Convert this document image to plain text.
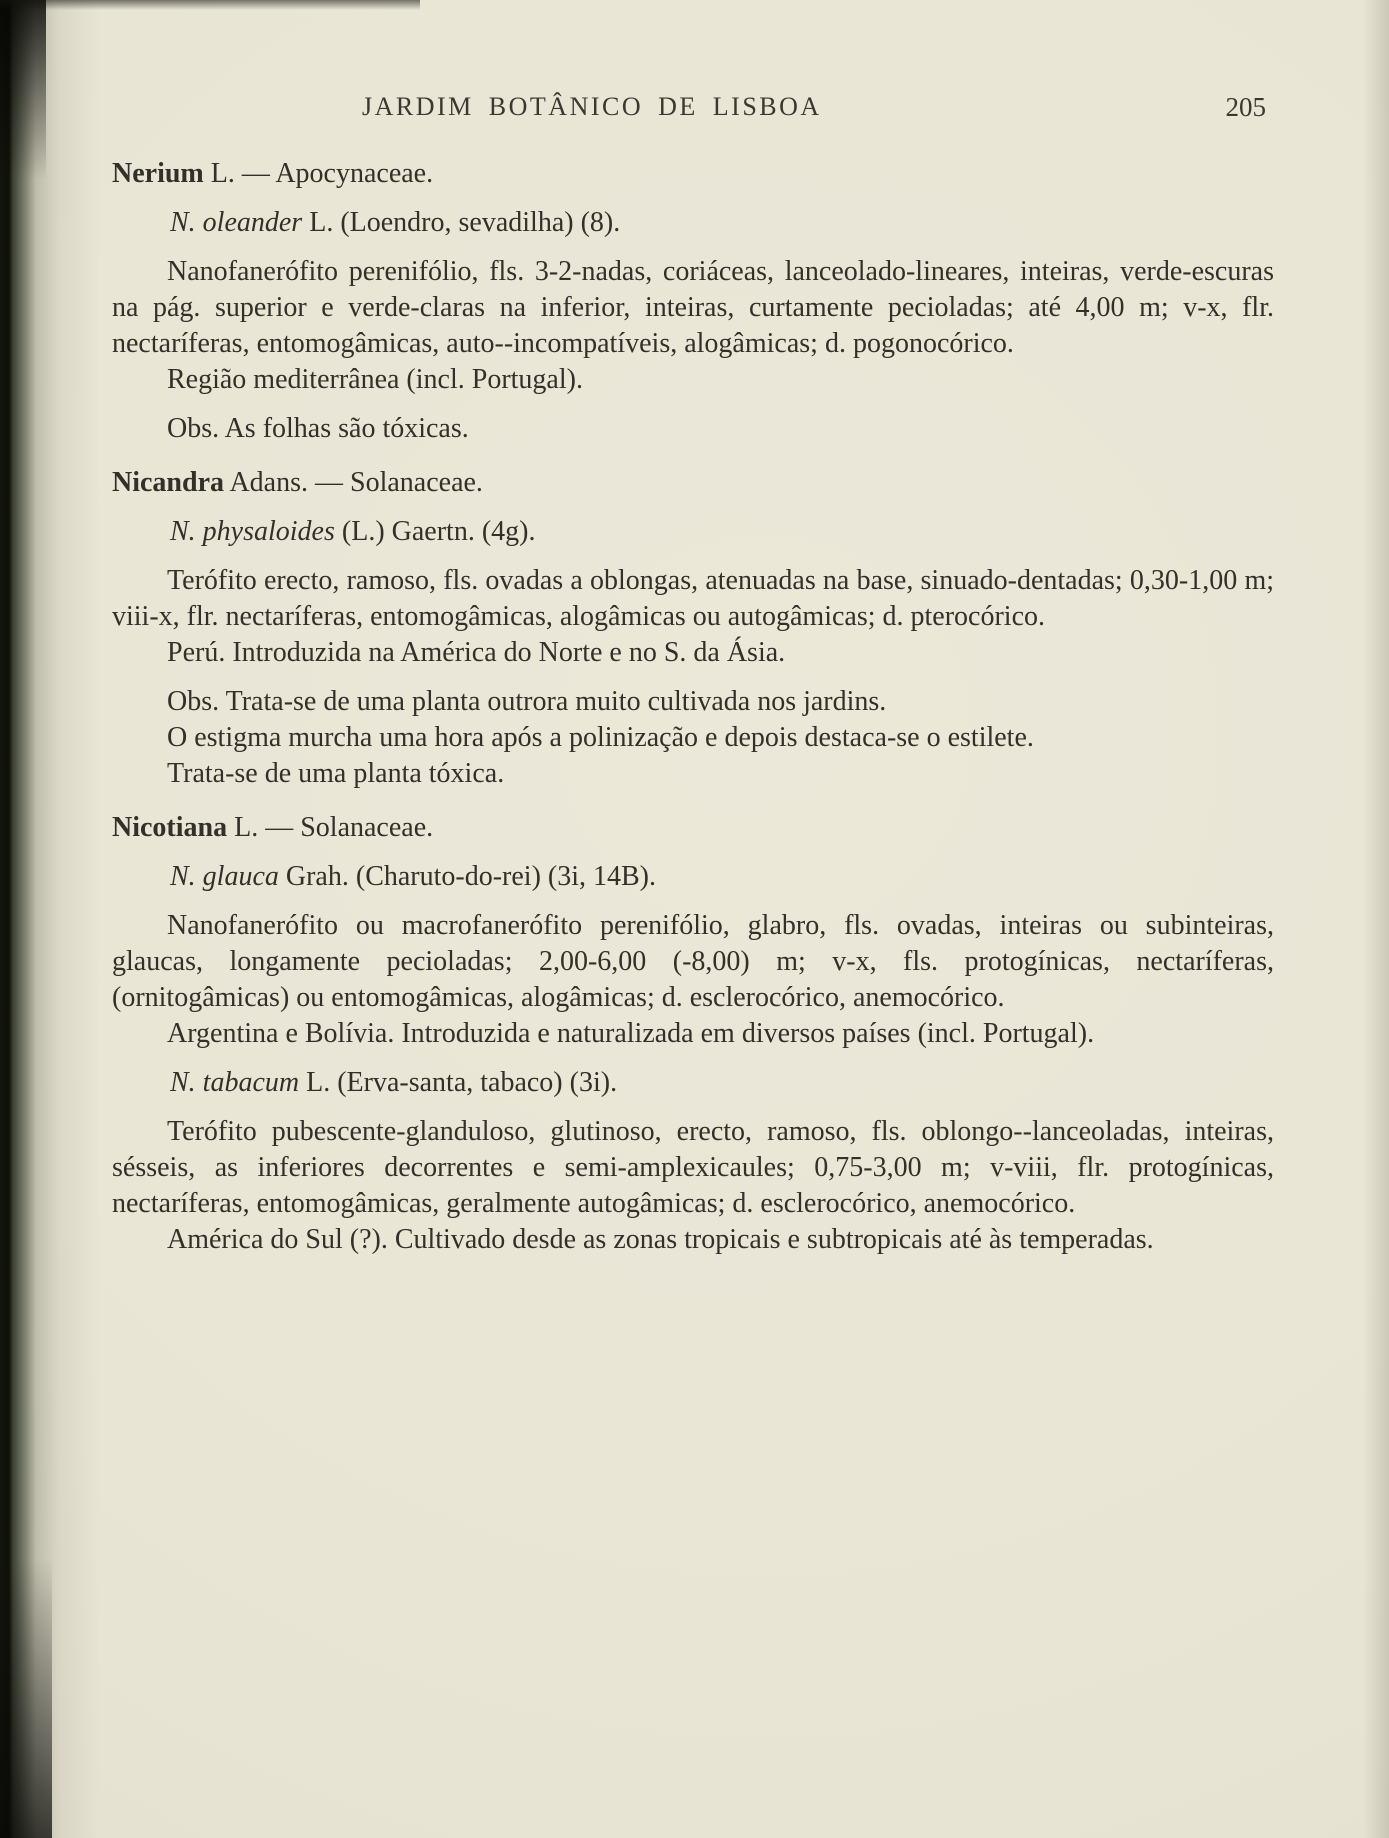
JARDIM BOTÂNICO DE LISBOA	205

Nerium L. — Apocynaceae.

N. oleander L. (Loendro, sevadilha) (8).

Nanofanerófito perenifólio, fls. 3-2-nadas, coriáceas, lanceolado-lineares, inteiras, verde-escuras na pág. superior e verde-claras na inferior, inteiras, curtamente pecioladas; até 4,00 m; v-x, flr. nectaríferas, entomogâmicas, auto--incompatíveis, alogâmicas; d. pogonocórico.

Região mediterrânea (incl. Portugal).

Obs. As folhas são tóxicas.

Nicandra Adans. — Solanaceae.

N. physaloides (L.) Gaertn. (4g).

Terófito erecto, ramoso, fls. ovadas a oblongas, atenuadas na base, sinuado-dentadas; 0,30-1,00 m; viii-x, flr. nectaríferas, entomogâmicas, alogâmicas ou autogâmicas; d. pterocórico.

Perú. Introduzida na América do Norte e no S. da Ásia.

Obs. Trata-se de uma planta outrora muito cultivada nos jardins.

O estigma murcha uma hora após a polinização e depois destaca-se o estilete.

Trata-se de uma planta tóxica.

Nicotiana L. — Solanaceae.

N. glauca Grah. (Charuto-do-rei) (3i, 14B).

Nanofanerófito ou macrofanerófito perenifólio, glabro, fls. ovadas, inteiras ou subinteiras, glaucas, longamente pecioladas; 2,00-6,00 (-8,00) m; v-x, fls. protogínicas, nectaríferas, (ornitogâmicas) ou entomogâmicas, alogâmicas; d. esclerocórico, anemocórico.

Argentina e Bolívia. Introduzida e naturalizada em diversos países (incl. Portugal).

N. tabacum L. (Erva-santa, tabaco) (3i).

Terófito pubescente-glanduloso, glutinoso, erecto, ramoso, fls. oblongo--lanceoladas, inteiras, sésseis, as inferiores decorrentes e semi-amplexicaules; 0,75-3,00 m; v-viii, flr. protogínicas, nectaríferas, entomogâmicas, geralmente autogâmicas; d. esclerocórico, anemocórico.

América do Sul (?). Cultivado desde as zonas tropicais e subtropicais até às temperadas.
